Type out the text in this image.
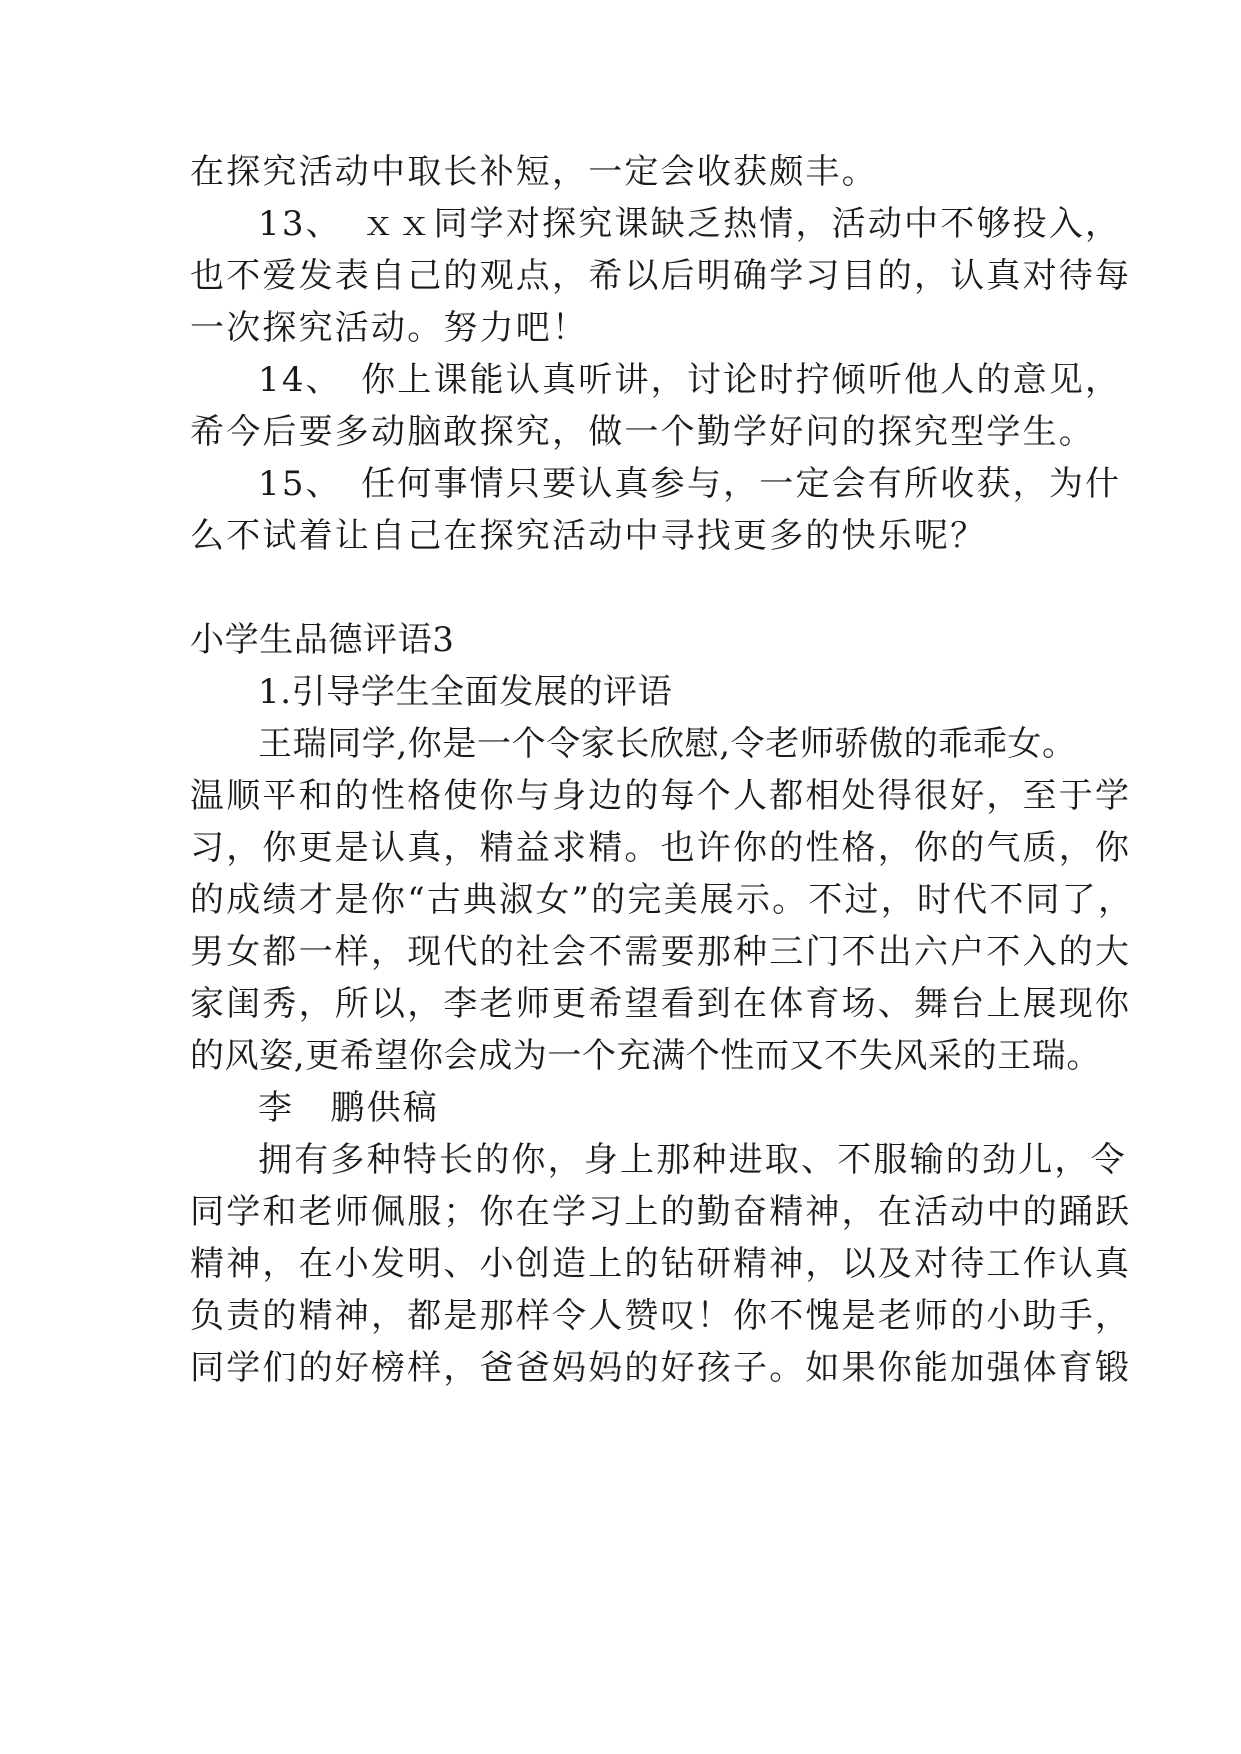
在探究活动中取长补短，一定会收获颇丰。

13、　ｘｘ同学对探究课缺乏热情，活动中不够投入，

也不爱发表自己的观点，希以后明确学习目的，认真对待每

一次探究活动。努力吧！

14、　你上课能认真听讲，讨论时拧倾听他人的意见，

希今后要多动脑敢探究，做一个勤学好问的探究型学生。

15、　任何事情只要认真参与，一定会有所收获，为什

么不试着让自己在探究活动中寻找更多的快乐呢？

小学生品德评语3

1.引导学生全面发展的评语

王瑞同学,你是一个令家长欣慰,令老师骄傲的乖乖女。

温顺平和的性格使你与身边的每个人都相处得很好，至于学

习，你更是认真，精益求精。也许你的性格，你的气质，你

的成绩才是你“古典淑女”的完美展示。不过，时代不同了，

男女都一样，现代的社会不需要那种三门不出六户不入的大

家闺秀，所以，李老师更希望看到在体育场、舞台上展现你

的风姿,更希望你会成为一个充满个性而又不失风采的王瑞。

李　鹏供稿

拥有多种特长的你，身上那种进取、不服输的劲儿，令

同学和老师佩服；你在学习上的勤奋精神，在活动中的踊跃

精神，在小发明、小创造上的钻研精神，以及对待工作认真

负责的精神，都是那样令人赞叹！你不愧是老师的小助手，

同学们的好榜样，爸爸妈妈的好孩子。如果你能加强体育锻
